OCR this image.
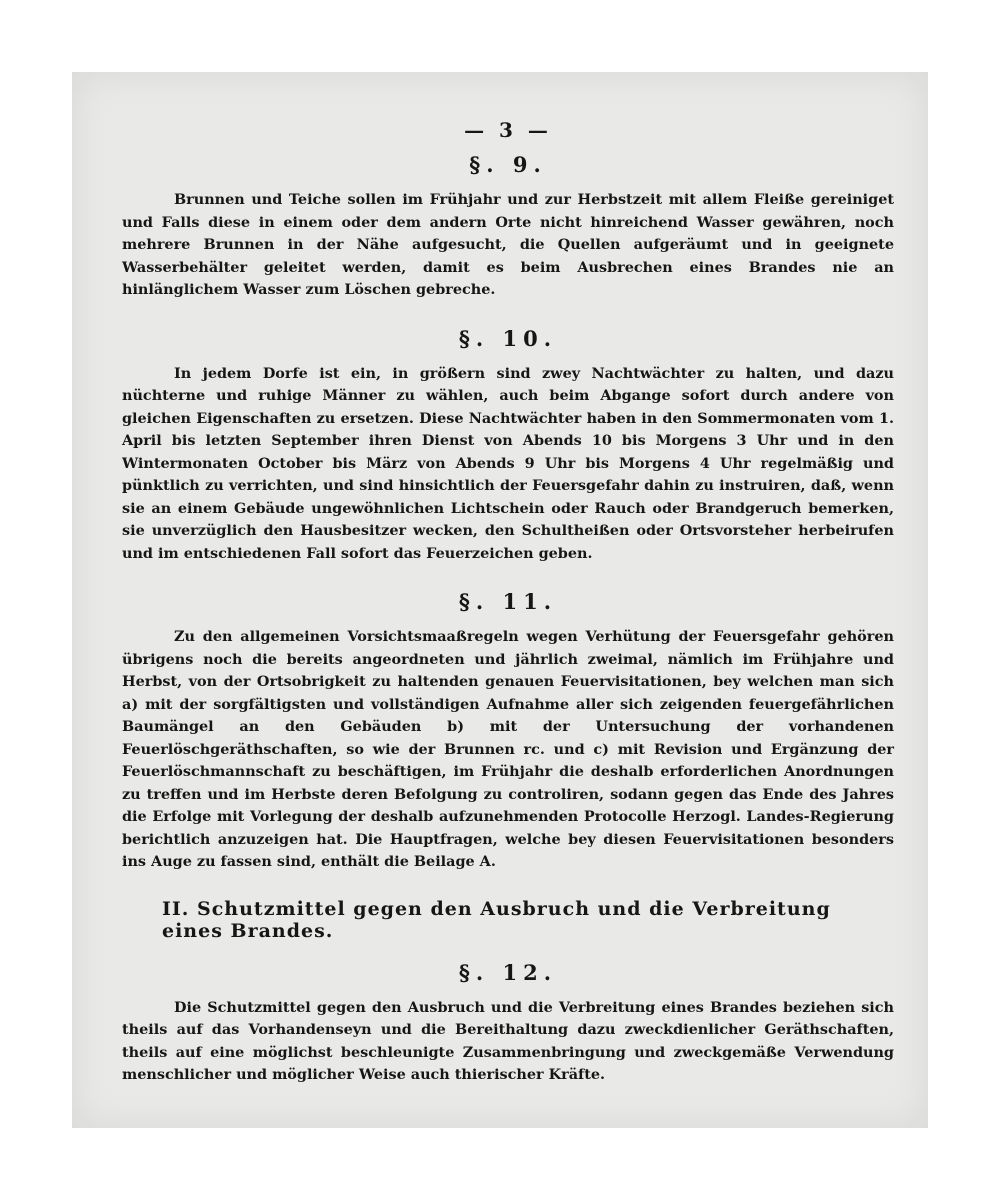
— 3 —
§. 9.

Brunnen und Teiche sollen im Frühjahr und zur Herbstzeit mit allem Fleiße gereiniget und Falls diese in einem oder dem andern Orte nicht hinreichend Wasser gewähren, noch mehrere Brunnen in der Nähe aufgesucht, die Quellen aufgeräumt und in geeignete Wasserbehälter geleitet werden, damit es beim Ausbrechen eines Brandes nie an hinlänglichem Wasser zum Löschen gebreche.

§. 10.

In jedem Dorfe ist ein, in größern sind zwey Nachtwächter zu halten, und dazu nüchterne und ruhige Männer zu wählen, auch beim Abgange sofort durch andere von gleichen Eigenschaften zu ersetzen. Diese Nachtwächter haben in den Sommermonaten vom 1. April bis letzten September ihren Dienst von Abends 10 bis Morgens 3 Uhr und in den Wintermonaten October bis März von Abends 9 Uhr bis Morgens 4 Uhr regelmäßig und pünktlich zu verrichten, und sind hinsichtlich der Feuersgefahr dahin zu instruiren, daß, wenn sie an einem Gebäude ungewöhnlichen Lichtschein oder Rauch oder Brandgeruch bemerken, sie unverzüglich den Hausbesitzer wecken, den Schultheißen oder Ortsvorsteher herbeirufen und im entschiedenen Fall sofort das Feuerzeichen geben.

§. 11.

Zu den allgemeinen Vorsichtsmaaßregeln wegen Verhütung der Feuersgefahr gehören übrigens noch die bereits angeordneten und jährlich zweimal, nämlich im Frühjahre und Herbst, von der Ortsobrigkeit zu haltenden genauen Feuervisitationen, bey welchen man sich a) mit der sorgfältigsten und vollständigen Aufnahme aller sich zeigenden feuergefährlichen Baumängel an den Gebäuden b) mit der Untersuchung der vorhandenen Feuerlöschgeräthschaften, so wie der Brunnen rc. und c) mit Revision und Ergänzung der Feuerlöschmannschaft zu beschäftigen, im Frühjahr die deshalb erforderlichen Anordnungen zu treffen und im Herbste deren Befolgung zu controliren, sodann gegen das Ende des Jahres die Erfolge mit Vorlegung der deshalb aufzunehmenden Protocolle Herzogl. Landes-Regierung berichtlich anzuzeigen hat. Die Hauptfragen, welche bey diesen Feuervisitationen besonders ins Auge zu fassen sind, enthält die Beilage A.

II. Schutzmittel gegen den Ausbruch und die Verbreitung eines Brandes.
§. 12.

Die Schutzmittel gegen den Ausbruch und die Verbreitung eines Brandes beziehen sich theils auf das Vorhandenseyn und die Bereithaltung dazu zweckdienlicher Geräthschaften, theils auf eine möglichst beschleunigte Zusammenbringung und zweckgemäße Verwendung menschlicher und möglicher Weise auch thierischer Kräfte.
